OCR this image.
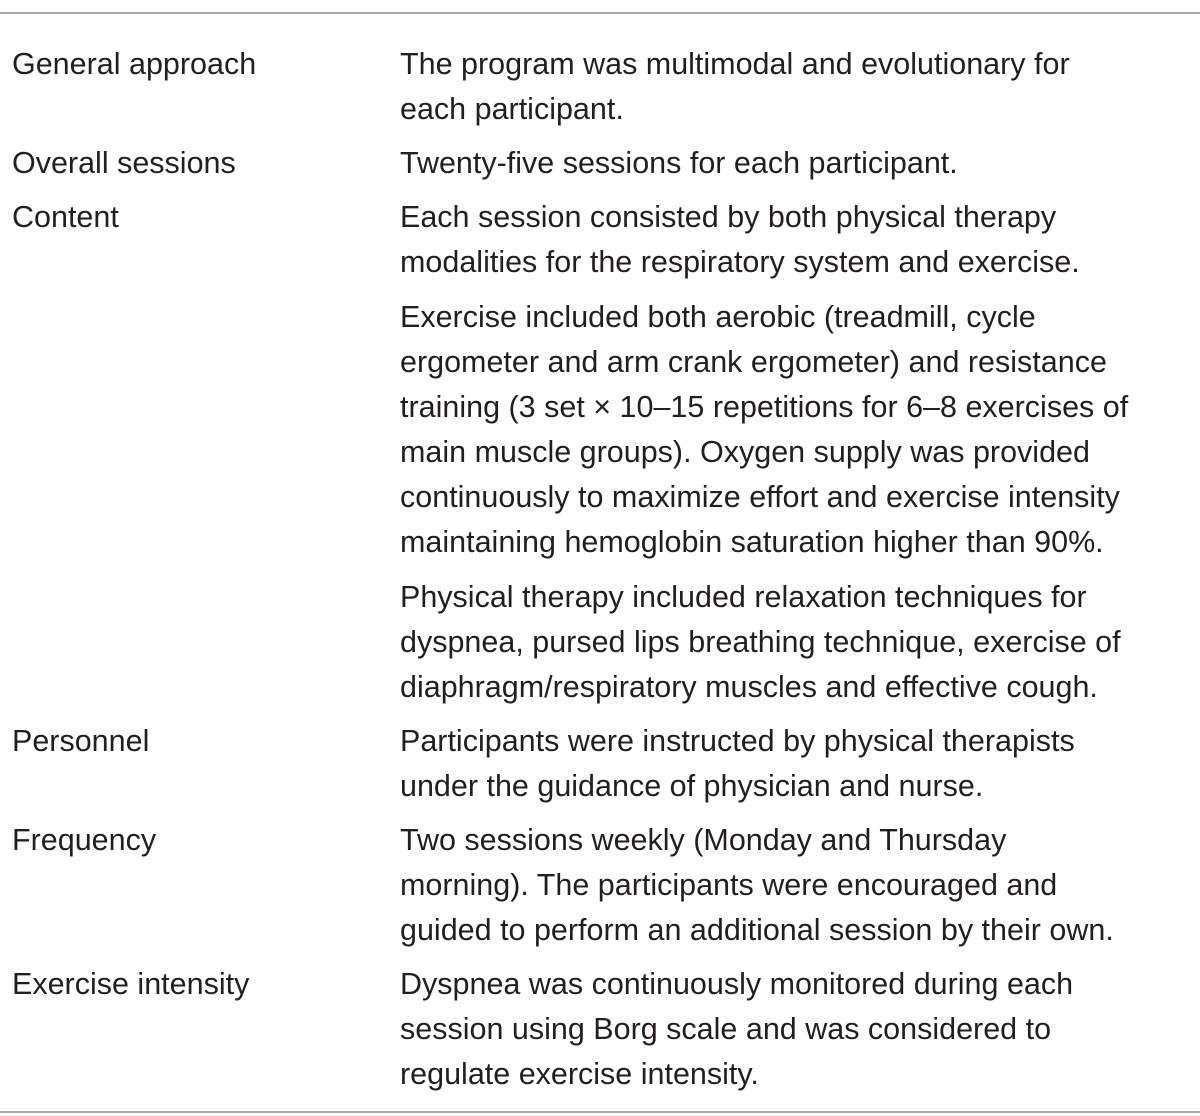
General approach	The program was multimodal and evolutionary for
each participant.
Overall sessions	Twenty-five sessions for each participant.
Content	Each session consisted by both physical therapy
modalities for the respiratory system and exercise.
Exercise included both aerobic (treadmill, cycle
ergometer and arm crank ergometer) and resistance
training (3 set × 10–15 repetitions for 6–8 exercises of
main muscle groups). Oxygen supply was provided
continuously to maximize effort and exercise intensity
maintaining hemoglobin saturation higher than 90%.
Physical therapy included relaxation techniques for
dyspnea, pursed lips breathing technique, exercise of
diaphragm/respiratory muscles and effective cough.
Personnel	Participants were instructed by physical therapists
under the guidance of physician and nurse.
Frequency	Two sessions weekly (Monday and Thursday
morning). The participants were encouraged and
guided to perform an additional session by their own.
Exercise intensity	Dyspnea was continuously monitored during each
session using Borg scale and was considered to
regulate exercise intensity.
